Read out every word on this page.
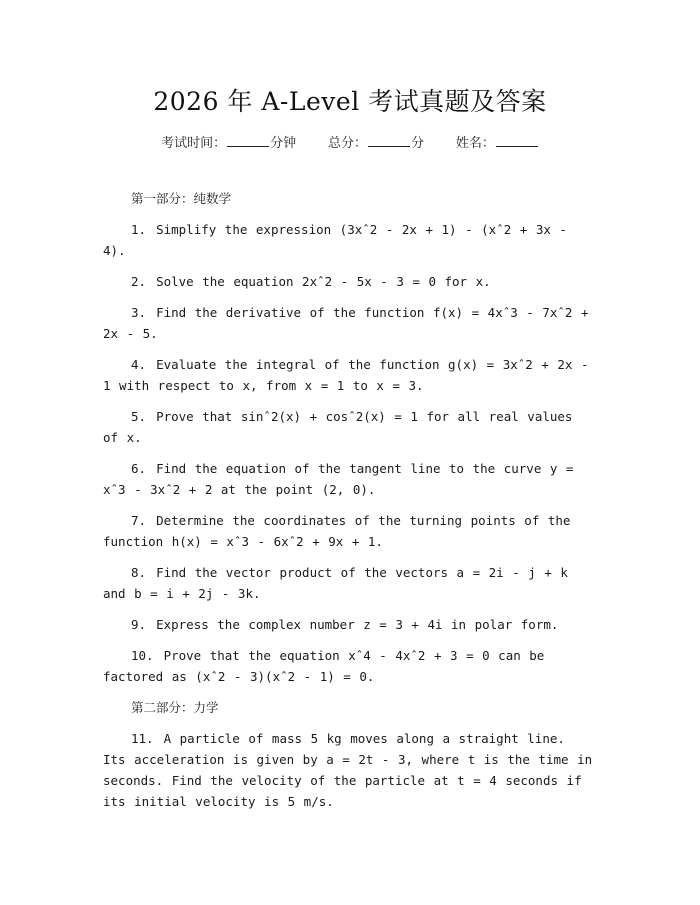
2026 年 A-Level 考试真题及答案
考试时间：	分钟 总分：	分 姓名：

第一部分：纯数学

1. Simplify the expression (3xˆ2 - 2x + 1) - (xˆ2 + 3x - 4).

2. Solve the equation 2xˆ2 - 5x - 3 = 0 for x.

3. Find the derivative of the function f(x) = 4xˆ3 - 7xˆ2 + 2x - 5.

4. Evaluate the integral of the function g(x) = 3xˆ2 + 2x - 1 with respect to x, from x = 1 to x = 3.

5. Prove that sinˆ2(x) + cosˆ2(x) = 1 for all real values of x.

6. Find the equation of the tangent line to the curve y = xˆ3 - 3xˆ2 + 2 at the point (2, 0).

7. Determine the coordinates of the turning points of the function h(x) = xˆ3 - 6xˆ2 + 9x + 1.

8. Find the vector product of the vectors a = 2i - j + k and b = i + 2j - 3k.

9. Express the complex number z = 3 + 4i in polar form.

10. Prove that the equation xˆ4 - 4xˆ2 + 3 = 0 can be factored as (xˆ2 - 3)(xˆ2 - 1) = 0.

第二部分：力学

11. A particle of mass 5 kg moves along a straight line. Its acceleration is given by a = 2t - 3, where t is the time in seconds. Find the velocity of the particle at t = 4 seconds if its initial velocity is 5 m/s.
